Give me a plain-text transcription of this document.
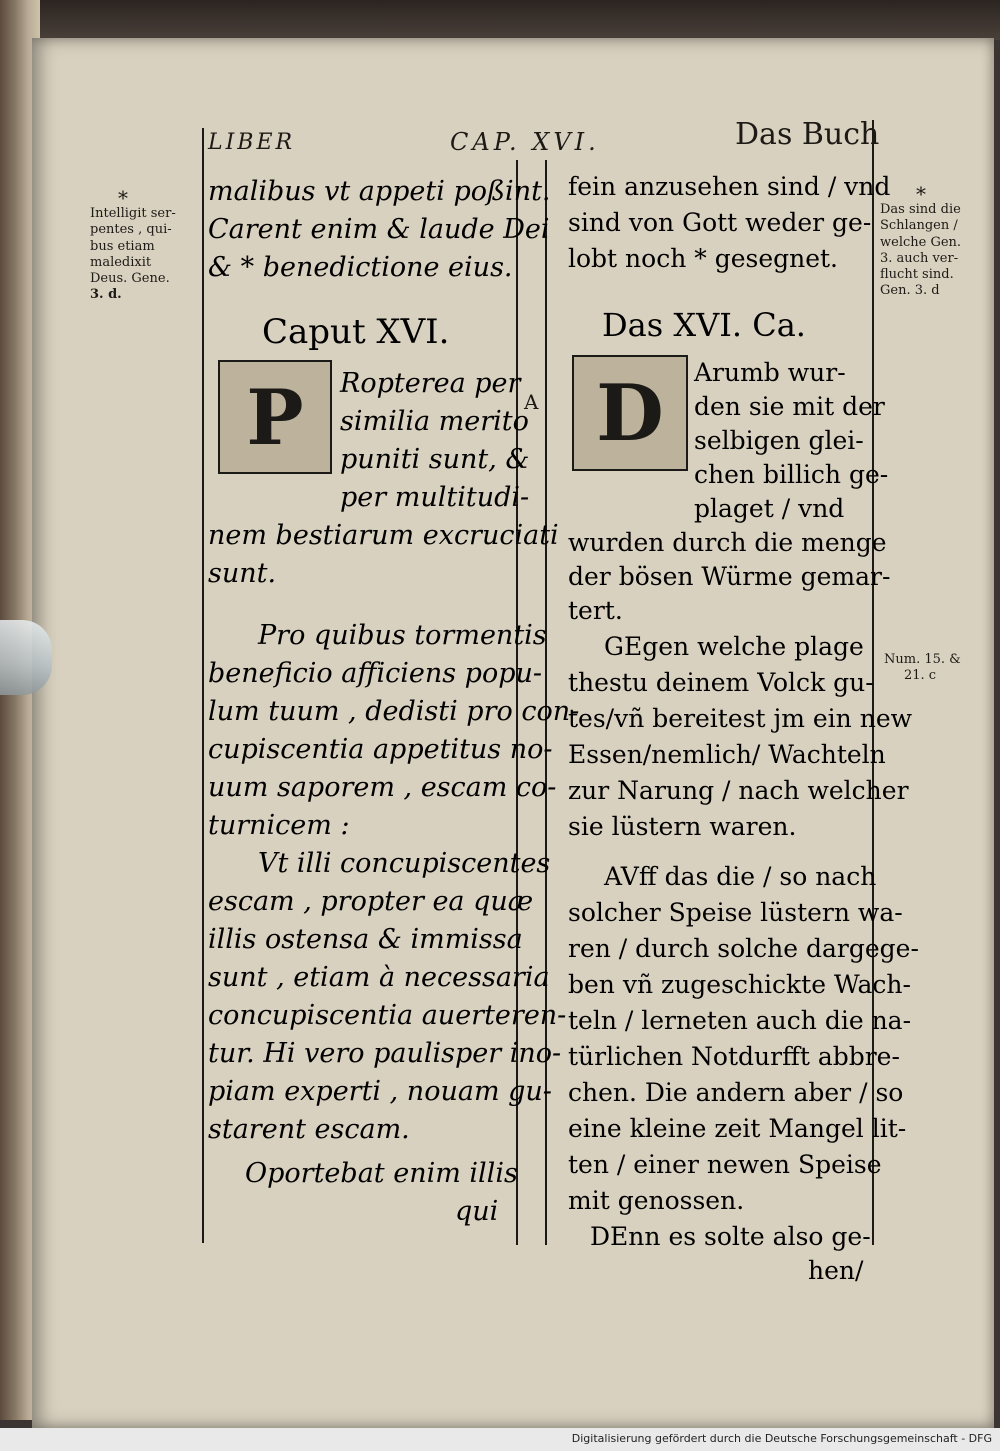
LIBER	CAP. XVI.	Das Buch
*
Intelligit ser-
pentes , qui-
bus etiam
maledixit
Deus. Gene.
3. d.
*
Das sind die
Schlangen /
welche Gen.
3. auch ver-
flucht sind.
Gen. 3. d
Num. 15. &
21. c
A
malibus vt appeti poßint.
Carent enim & laude Dei
& * benedictione eius.
Caput XVI.
P Ropterea per
similia merito
puniti sunt, &
per multitudi-
nem bestiarum excruciati
sunt.
Pro quibus tormentis
beneficio afficiens popu-
lum tuum , dedisti pro con-
cupiscentia appetitus no-
uum saporem , escam co-
turnicem :
Vt illi concupiscentes
escam , propter ea quæ
illis ostensa & immissa
sunt , etiam à necessaria
concupiscentia auerteren-
tur. Hi vero paulisper ino-
piam experti , nouam gu-
starent escam.
Oportebat enim illis
qui
fein anzusehen sind / vnd
sind von Gott weder ge-
lobt noch * gesegnet.
Das XVI. Ca.
D Arumb wur-
den sie mit der
selbigen glei-
chen billich ge-
plaget / vnd
wurden durch die menge
der bösen Würme gemar-
tert.
GEgen welche plage
thestu deinem Volck gu-
tes/vñ bereitest jm ein new
Essen/nemlich/ Wachteln
zur Narung / nach welcher
sie lüstern waren.
AVff das die / so nach
solcher Speise lüstern wa-
ren / durch solche dargege-
ben vñ zugeschickte Wach-
teln / lerneten auch die na-
türlichen Notdurfft abbre-
chen. Die andern aber / so
eine kleine zeit Mangel lit-
ten / einer newen Speise
mit genossen.
DEnn es solte also ge-
hen/
Digitalisierung gefördert durch die Deutsche Forschungsgemeinschaft - DFG
